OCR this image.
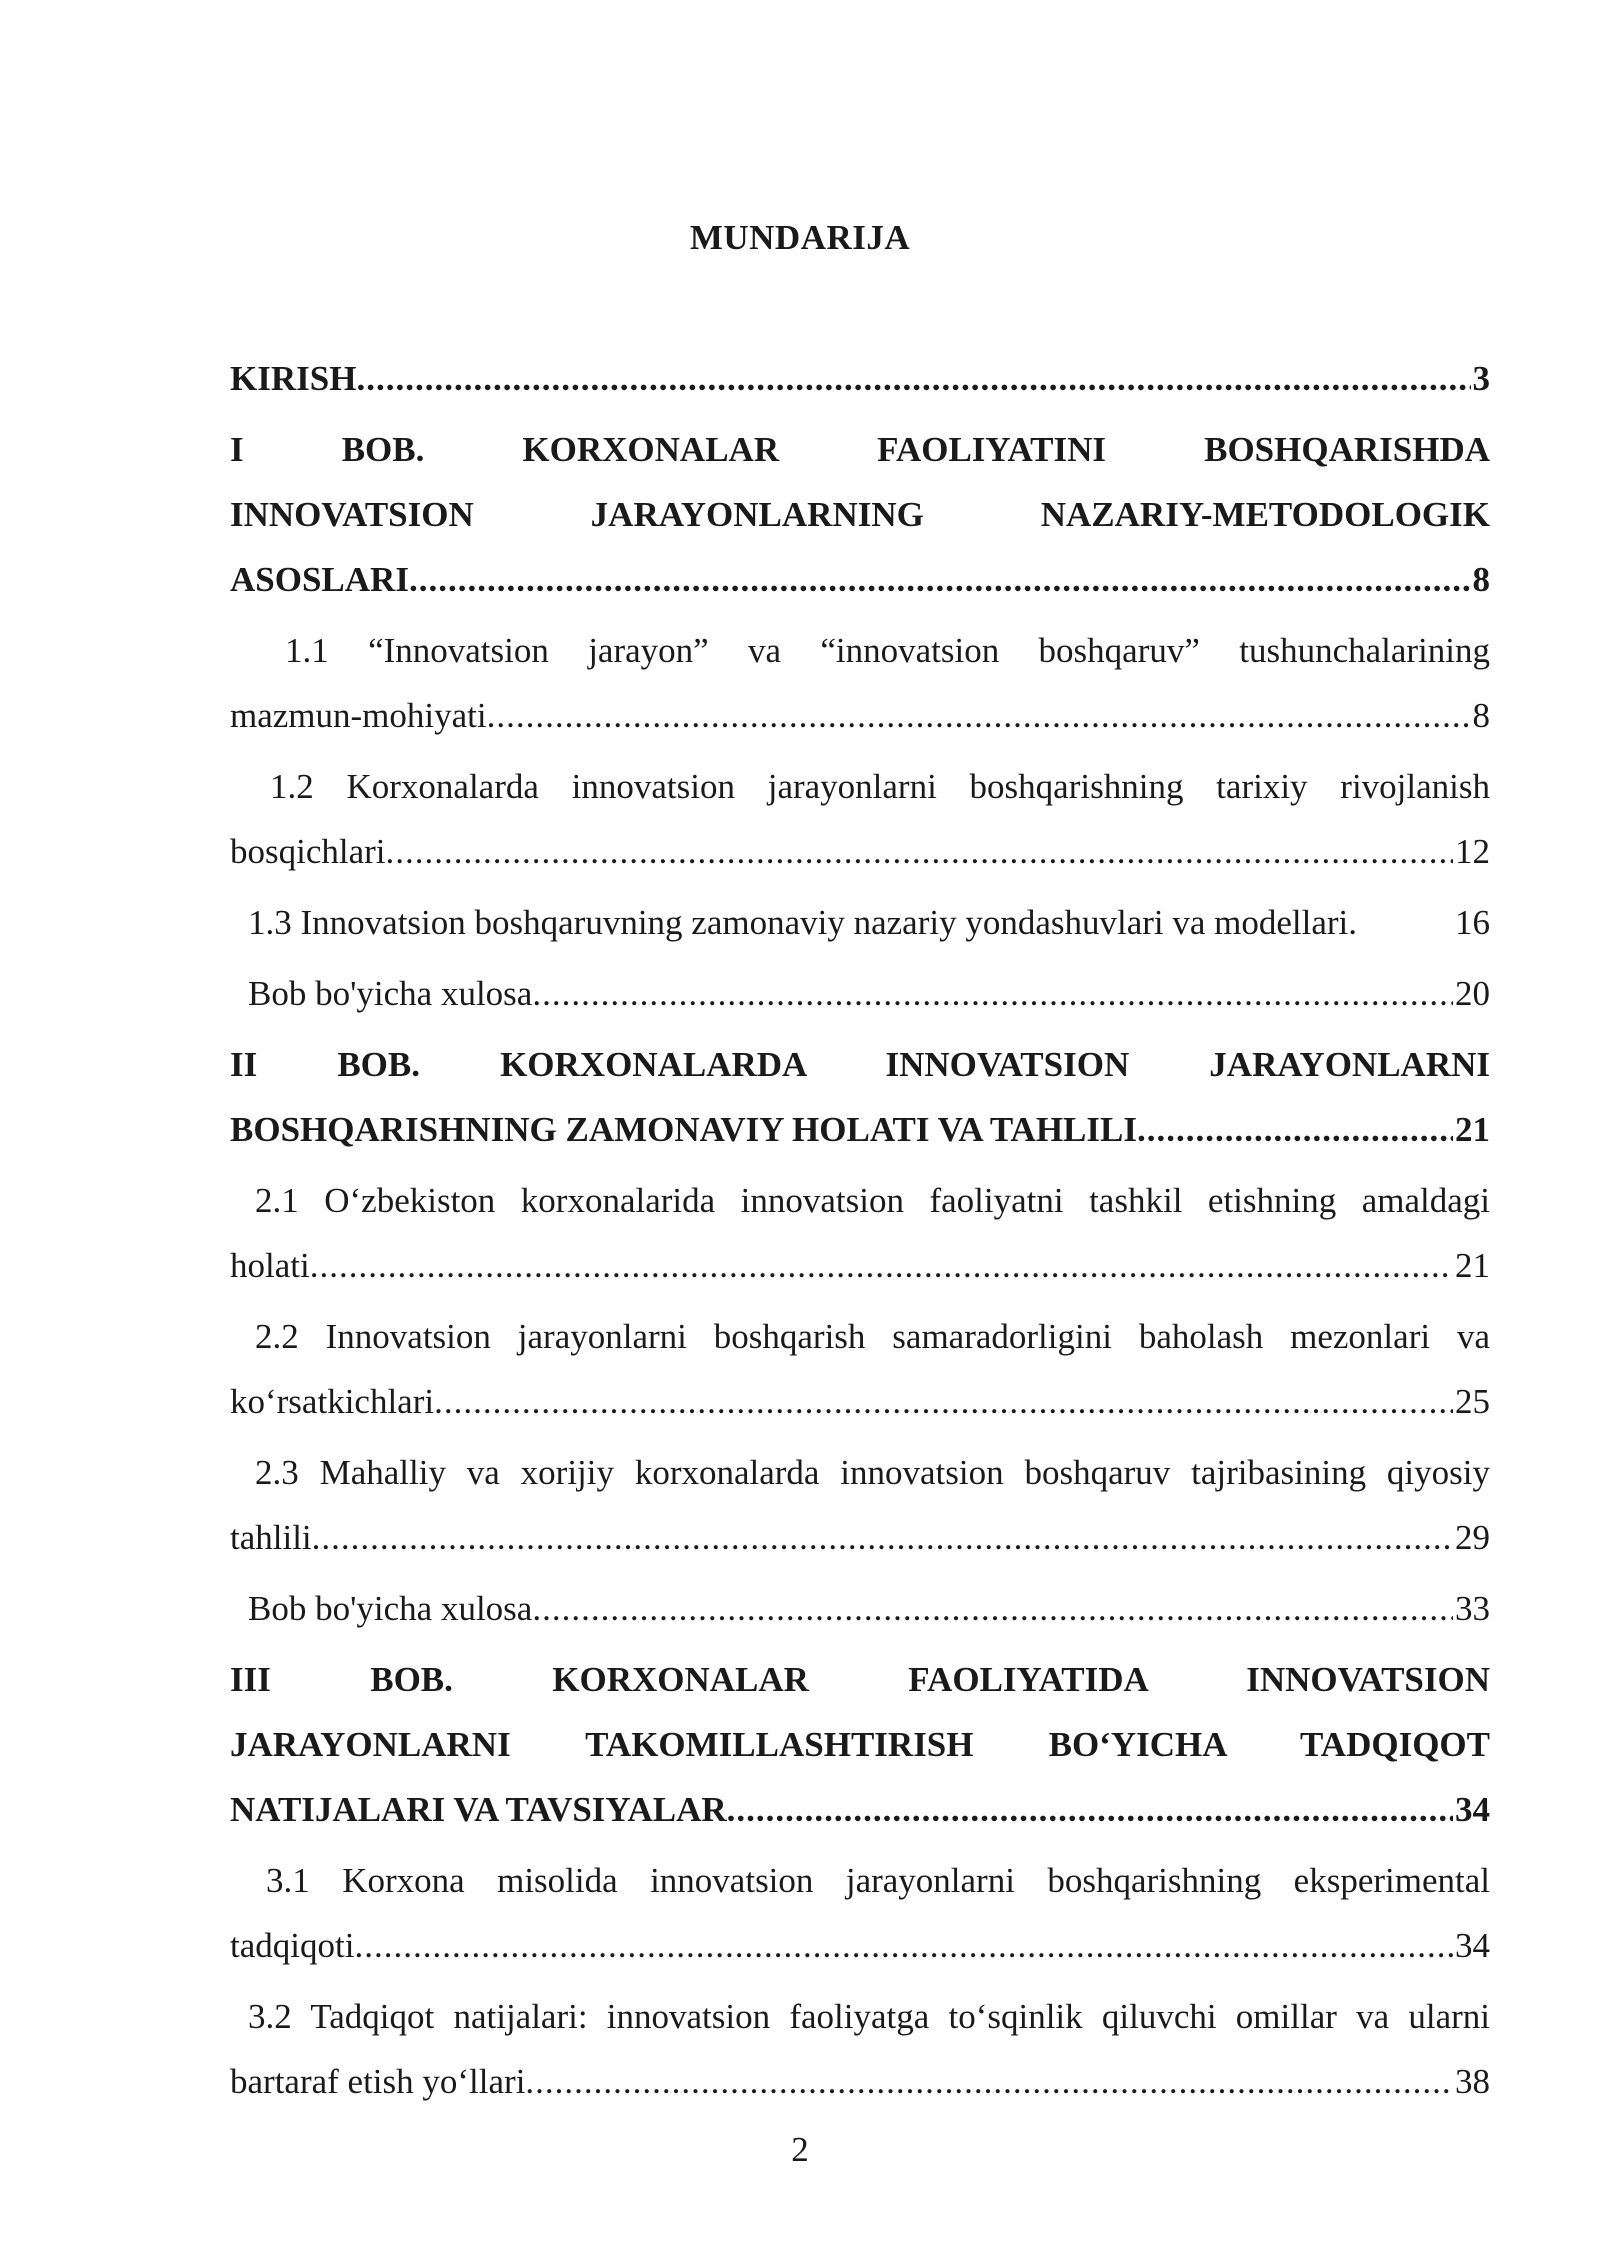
MUNDARIJA
KIRISH .....	3
I BOB. KORXONALAR FAOLIYATINI BOSHQARISHDA
INNOVATSION JARAYONLARNING NAZARIY-METODOLOGIK
ASOSLARI .....	8
1.1 “Innovatsion jarayon” va “innovatsion boshqaruv” tushunchalarining
mazmun-mohiyati .....	8
1.2 Korxonalarda innovatsion jarayonlarni boshqarishning tarixiy rivojlanish
bosqichlari .....	12
1.3 Innovatsion boshqaruvning zamonaviy nazariy yondashuvlari va modellari.	16
Bob bo'yicha xulosa .....	20
II BOB. KORXONALARDA INNOVATSION JARAYONLARNI
BOSHQARISHNING ZAMONAVIY HOLATI VA TAHLILI .....	21
2.1 O‘zbekiston korxonalarida innovatsion faoliyatni tashkil etishning amaldagi
holati .....	21
2.2 Innovatsion jarayonlarni boshqarish samaradorligini baholash mezonlari va
ko‘rsatkichlari .....	25
2.3 Mahalliy va xorijiy korxonalarda innovatsion boshqaruv tajribasining qiyosiy
tahlili .....	29
Bob bo'yicha xulosa .....	33
III BOB. KORXONALAR FAOLIYATIDA INNOVATSION
JARAYONLARNI TAKOMILLASHTIRISH BO‘YICHA TADQIQOT
NATIJALARI VA TAVSIYALAR .....	34
3.1 Korxona misolida innovatsion jarayonlarni boshqarishning eksperimental
tadqiqoti .....	34
3.2 Tadqiqot natijalari: innovatsion faoliyatga to‘sqinlik qiluvchi omillar va ularni
bartaraf etish yo‘llari .....	38
2
